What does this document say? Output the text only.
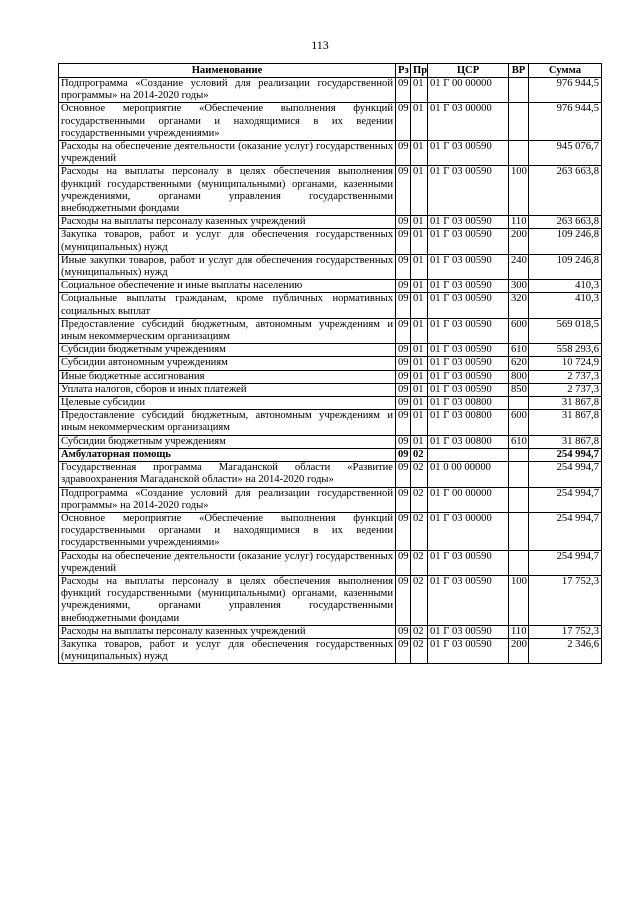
113
Наименование	Рз	Пр	ЦСР	ВР	Сумма
Подпрограмма «Создание условий для реализации государственной программы» на 2014-2020 годы»	09	01	01 Г 00 00000		976 944,5
Основное мероприятие «Обеспечение выполнения функций государственными органами и находящимися в их ведении государственными учреждениями»	09	01	01 Г 03 00000		976 944,5
Расходы на обеспечение деятельности (оказание услуг) государственных учреждений	09	01	01 Г 03 00590		945 076,7
Расходы на выплаты персоналу в целях обеспечения выполнения функций государственными (муниципальными) органами, казенными учреждениями, органами управления государственными внебюджетными фондами	09	01	01 Г 03 00590	100	263 663,8
Расходы на выплаты персоналу казенных учреждений	09	01	01 Г 03 00590	110	263 663,8
Закупка товаров, работ и услуг для обеспечения государственных (муниципальных) нужд	09	01	01 Г 03 00590	200	109 246,8
Иные закупки товаров, работ и услуг для обеспечения государственных (муниципальных) нужд	09	01	01 Г 03 00590	240	109 246,8
Социальное обеспечение и иные выплаты населению	09	01	01 Г 03 00590	300	410,3
Социальные выплаты гражданам, кроме публичных нормативных социальных выплат	09	01	01 Г 03 00590	320	410,3
Предоставление субсидий бюджетным, автономным учреждениям и иным некоммерческим организациям	09	01	01 Г 03 00590	600	569 018,5
Субсидии бюджетным учреждениям	09	01	01 Г 03 00590	610	558 293,6
Субсидии автономным учреждениям	09	01	01 Г 03 00590	620	10 724,9
Иные бюджетные ассигнования	09	01	01 Г 03 00590	800	2 737,3
Уплата налогов, сборов и иных платежей	09	01	01 Г 03 00590	850	2 737,3
Целевые субсидии	09	01	01 Г 03 00800		31 867,8
Предоставление субсидий бюджетным, автономным учреждениям и иным некоммерческим организациям	09	01	01 Г 03 00800	600	31 867,8
Субсидии бюджетным учреждениям	09	01	01 Г 03 00800	610	31 867,8
Амбулаторная помощь	09	02			254 994,7
Государственная программа Магаданской области «Развитие здравоохранения Магаданской области» на 2014-2020 годы»	09	02	01 0 00 00000		254 994,7
Подпрограмма «Создание условий для реализации государственной программы» на 2014-2020 годы»	09	02	01 Г 00 00000		254 994,7
Основное мероприятие «Обеспечение выполнения функций государственными органами и находящимися в их ведении государственными учреждениями»	09	02	01 Г 03 00000		254 994,7
Расходы на обеспечение деятельности (оказание услуг) государственных учреждений	09	02	01 Г 03 00590		254 994,7
Расходы на выплаты персоналу в целях обеспечения выполнения функций государственными (муниципальными) органами, казенными учреждениями, органами управления государственными внебюджетными фондами	09	02	01 Г 03 00590	100	17 752,3
Расходы на выплаты персоналу казенных учреждений	09	02	01 Г 03 00590	110	17 752,3
Закупка товаров, работ и услуг для обеспечения государственных (муниципальных) нужд	09	02	01 Г 03 00590	200	2 346,6
